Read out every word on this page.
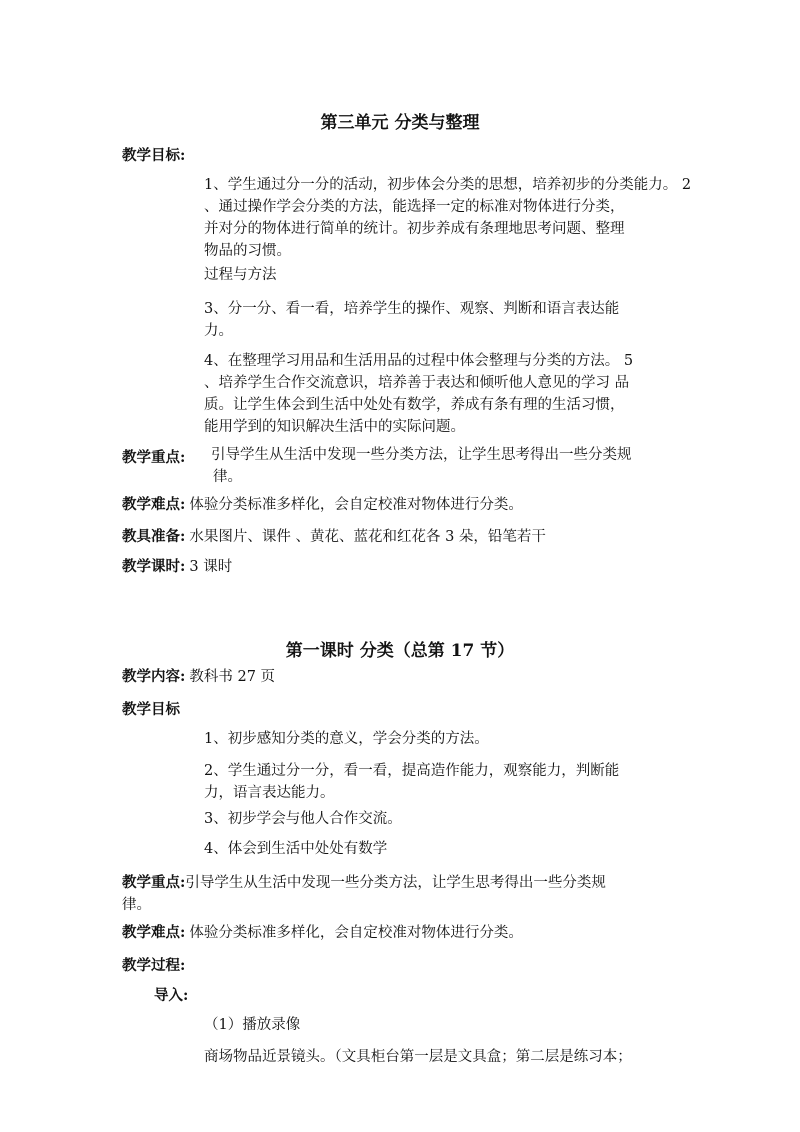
第三单元 分类与整理
教学目标:
1、学生通过分一分的活动，初步体会分类的思想，培养初步的分类能力。 2
、通过操作学会分类的方法，能选择一定的标准对物体进行分类，
并对分的物体进行简单的统计。初步养成有条理地思考问题、整理
物品的习惯。
过程与方法
3、分一分、看一看，培养学生的操作、观察、判断和语言表达能
力。
4、在整理学习用品和生活用品的过程中体会整理与分类的方法。 5
、培养学生合作交流意识，培养善于表达和倾听他人意见的学习 品
质。让学生体会到生活中处处有数学，养成有条有理的生活习惯，
能用学到的知识解决生活中的实际问题。
教学重点: 引导学生从生活中发现一些分类方法，让学生思考得出一些分类规
律。
教学难点: 体验分类标准多样化，会自定校准对物体进行分类。
教具准备: 水果图片、课件 、黄花、蓝花和红花各 3 朵，铅笔若干
教学课时: 3 课时
第一课时 分类（总第 17 节）
教学内容: 教科书 27 页
教学目标
1、初步感知分类的意义，学会分类的方法。
2、学生通过分一分，看一看，提高造作能力，观察能力，判断能
力，语言表达能力。
3、初步学会与他人合作交流。
4、体会到生活中处处有数学
教学重点:引导学生从生活中发现一些分类方法，让学生思考得出一些分类规
律。
教学难点: 体验分类标准多样化，会自定校准对物体进行分类。
教学过程:
导入:
（1）播放录像
商场物品近景镜头。（文具柜台第一层是文具盒；第二层是练习本；
